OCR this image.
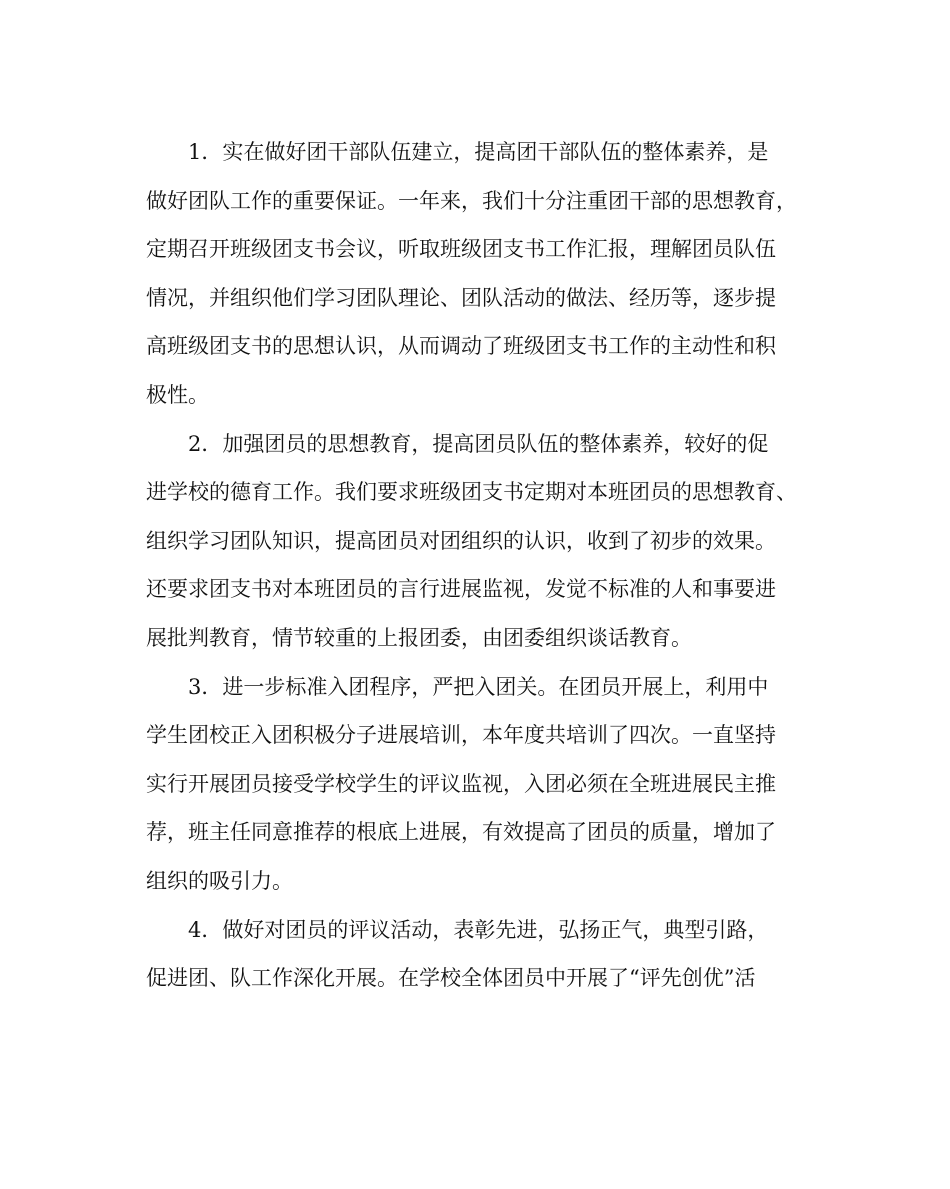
1．实在做好团干部队伍建立，提高团干部队伍的整体素养，是
做好团队工作的重要保证。一年来，我们十分注重团干部的思想教育，
定期召开班级团支书会议，听取班级团支书工作汇报，理解团员队伍
情况，并组织他们学习团队理论、团队活动的做法、经历等，逐步提
高班级团支书的思想认识，从而调动了班级团支书工作的主动性和积
极性。
2．加强团员的思想教育，提高团员队伍的整体素养，较好的促
进学校的德育工作。我们要求班级团支书定期对本班团员的思想教育、
组织学习团队知识，提高团员对团组织的认识，收到了初步的效果。
还要求团支书对本班团员的言行进展监视，发觉不标准的人和事要进
展批判教育，情节较重的上报团委，由团委组织谈话教育。
3．进一步标准入团程序，严把入团关。在团员开展上，利用中
学生团校正入团积极分子进展培训，本年度共培训了四次。一直坚持
实行开展团员接受学校学生的评议监视，入团必须在全班进展民主推
荐，班主任同意推荐的根底上进展，有效提高了团员的质量，增加了
组织的吸引力。
4．做好对团员的评议活动，表彰先进，弘扬正气，典型引路，
促进团、队工作深化开展。在学校全体团员中开展了“评先创优”活
